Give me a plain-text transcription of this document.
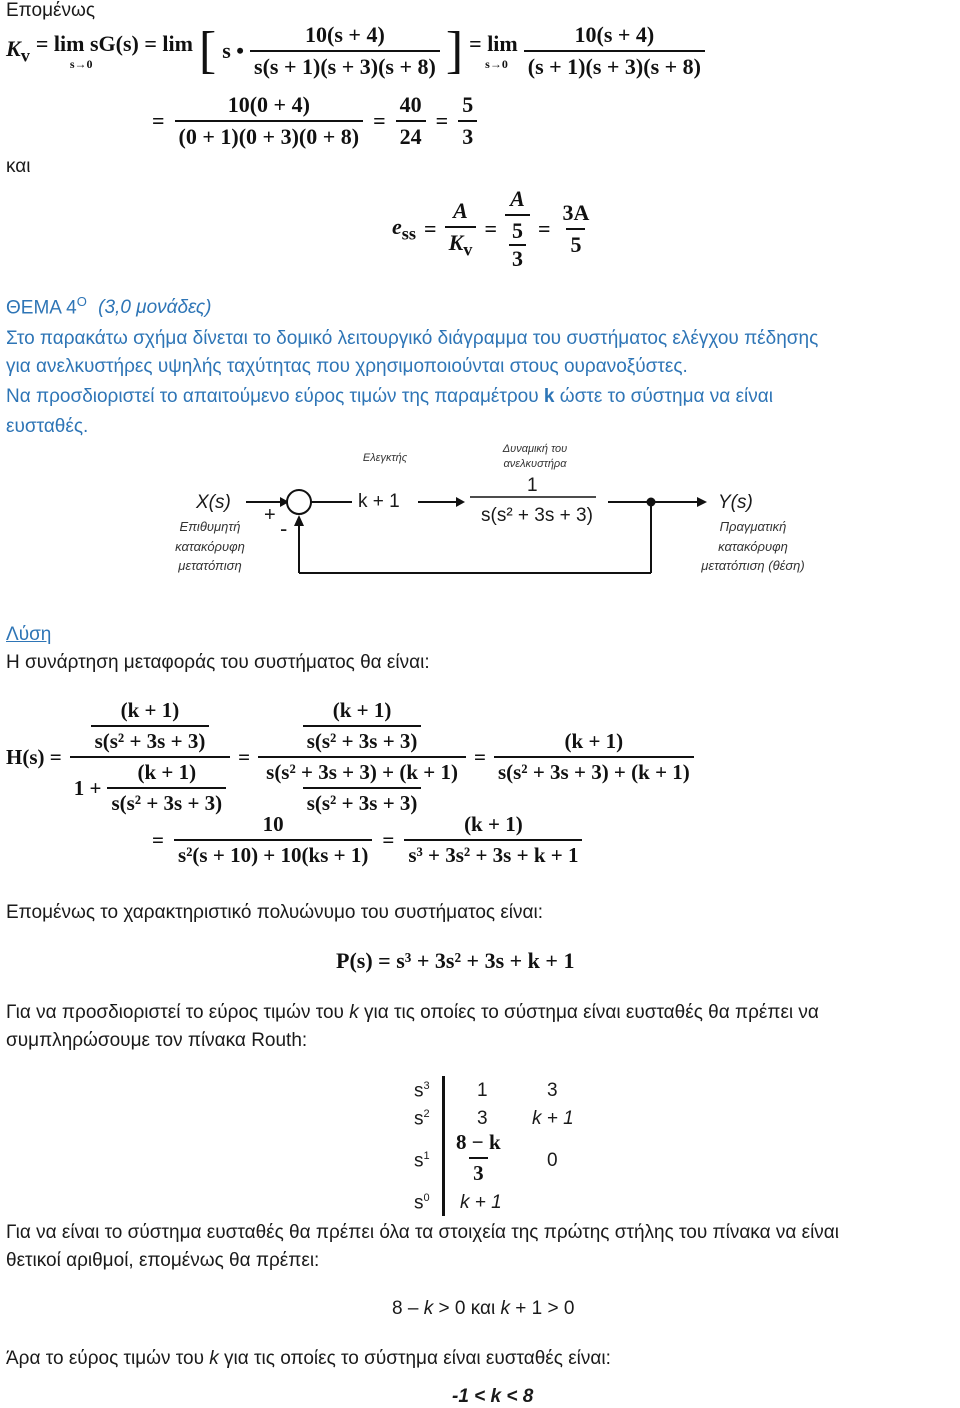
Επομένως
$K_v = \lim sG(s) = \lim$
s→0 [ s • $\frac{10(s + 4)}{s(s + 1)(s + 3)(s + 8)}$ ] = lim
$s\to 0 \frac{10(s + 4)}{(s + 1)(s + 3)(s + 8)}$
= $\frac{10(0 + 4)}{(0 + 1)(0 + 3)(0 + 8)} = \frac{40}{24} = \frac{5}{3}$
και
$e_{ss} = \frac{A}{K_v} = A$
5
$3 = \frac{3A}{5}$
ΘΕΜΑ $4^O$ (3,0 μονάδες)
Στο παρακάτω σχήμα δίνεται το δομικό λειτουργικό διάγραμμα του συστήματος ελέγχου πέδησης
για ανελκυστήρες υψηλής ταχύτητας που χρησιμοποιούνται στους ουρανοξύστες.
Να προσδιοριστεί το απαιτούμενο εύρος τιμών της παραμέτρου k ώστε το σύστημα να είναι
ευσταθές.
X(s)
Επιθυμητή
κατακόρυφη
μετατόπιση
+
-
Ελεγκτής
k + 1
Δυναμική του
ανελκυστήρα
1
s(s² + 3s + 3)
Y(s)
Πραγματική
κατακόρυφη
μετατόπιση (θέση)
Λύση
Η συνάρτηση μεταφοράς του συστήματος θα είναι:
$H(s) = \frac{\frac{(k + 1)}{\text{s(s² + 3s + 3)}}}{1 + \frac{(k + 1)}{\text{s(s² + 3s + 3)}}} = \frac{\frac{(k + 1)}{\text{s(s² + 3s + 3)}}}{\frac{\text{s(s² + 3s + 3) + (k + 1)}}{\text{s(s² + 3s + 3)}}} = \frac{(k + 1)}{\text{s(s² + 3s + 3) + (k + 1)}}$
= $\frac{10}{\text{s²(s + 10) + 10(ks + 1)}} = \frac{(k + 1)}{\text{s³ + 3s² + 3s + k + 1}}$
Επομένως το χαρακτηριστικό πολυώνυμο του συστήματος είναι:
P(s) = s³ + 3s² + 3s + k + 1
Για να προσδιοριστεί το εύρος τιμών του k για τις οποίες το σύστημα είναι ευσταθές θα πρέπει να
συμπληρώσουμε τον πίνακα Routh:
$s^3$ 1	3
$s^2$ 3 k + 1
$s^1 \frac{8 - k}{3} 0$
$s^0$ k + 1
Για να είναι το σύστημα ευσταθές θα πρέπει όλα τα στοιχεία της πρώτης στήλης του πίνακα να είναι
θετικοί αριθμοί, επομένως θα πρέπει:
8 – k > 0 και k + 1 > 0
Άρα το εύρος τιμών του k για τις οποίες το σύστημα είναι ευσταθές είναι:
-1 < k < 8
